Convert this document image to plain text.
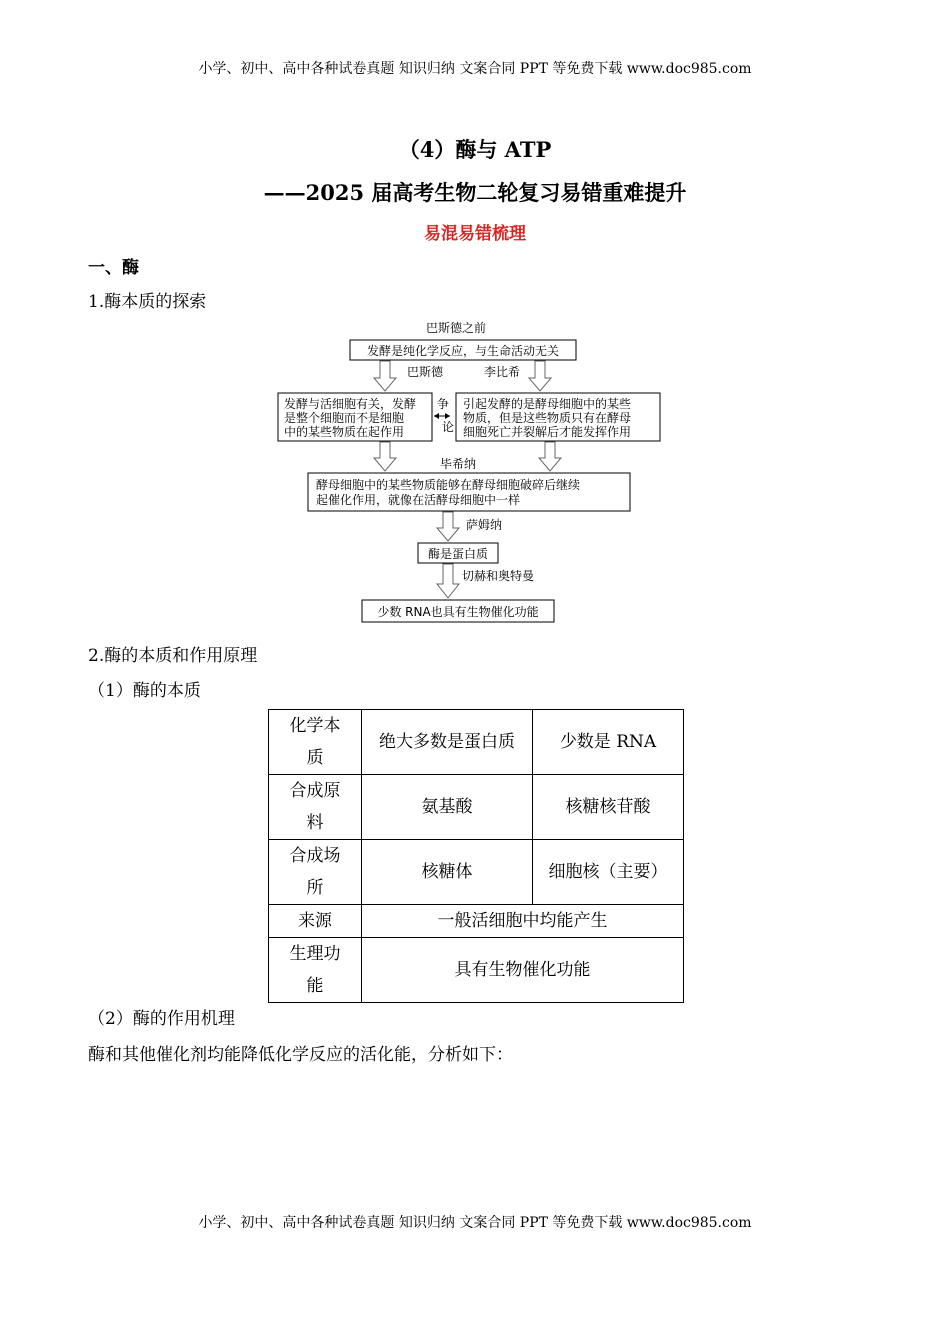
小学、初中、高中各种试卷真题 知识归纳 文案合同 PPT 等免费下载 www.doc985.com
（4）酶与 ATP
——2025 届高考生物二轮复习易错重难提升
易混易错梳理
一、酶
1.酶本质的探索
巴斯德之前
发酵是纯化学反应，与生命活动无关
巴斯德	李比希
发酵与活细胞有关，发酵
是整个细胞而不是细胞
中的某些物质在起作用
争
论
引起发酵的是酵母细胞中的某些
物质，但是这些物质只有在酵母
细胞死亡并裂解后才能发挥作用
毕希纳
酵母细胞中的某些物质能够在酵母细胞破碎后继续
起催化作用，就像在活酵母细胞中一样
萨姆纳
酶是蛋白质
切赫和奥特曼
少数 RNA也具有生物催化功能
2.酶的本质和作用原理
（1）酶的本质
化学本
质	绝大多数是蛋白质	少数是 RNA

合成原
料	氨基酸	核糖核苷酸

合成场
所	核糖体	细胞核（主要）
来源	一般活细胞中均能产生	

生理功
能	具有生物催化功能	
（2）酶的作用机理
酶和其他催化剂均能降低化学反应的活化能，分析如下：
小学、初中、高中各种试卷真题 知识归纳 文案合同 PPT 等免费下载 www.doc985.com
